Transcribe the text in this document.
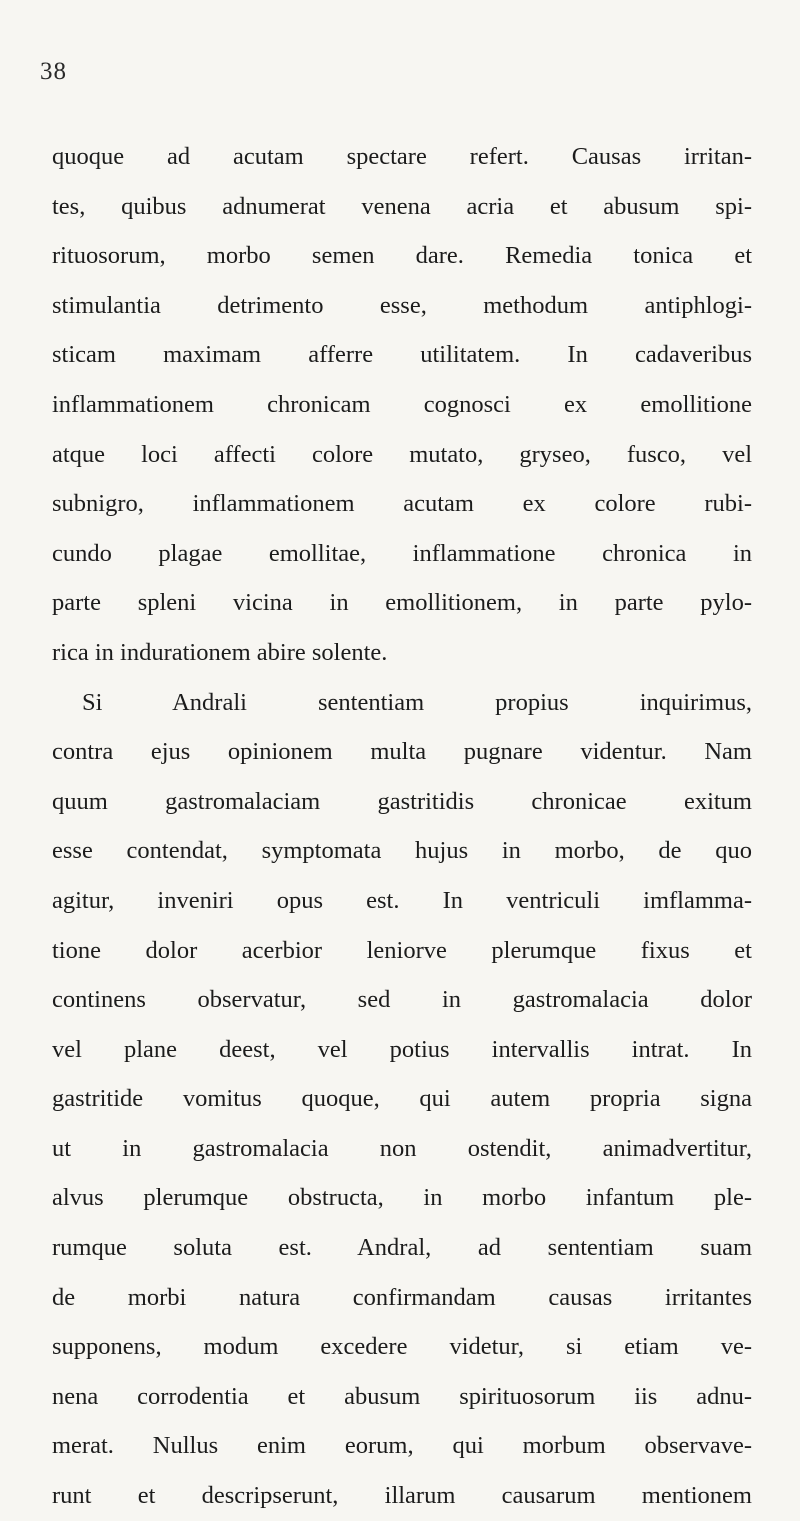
38
quoque ad acutam spectare refert. Causas irritan-
tes, quibus adnumerat venena acria et abusum spi-
rituosorum, morbo semen dare. Remedia tonica et
stimulantia detrimento esse, methodum antiphlogi-
sticam maximam afferre utilitatem. In cadaveribus
inflammationem chronicam cognosci ex emollitione
atque loci affecti colore mutato, gryseo, fusco, vel
subnigro, inflammationem acutam ex colore rubi-
cundo plagae emollitae, inflammatione chronica in
parte spleni vicina in emollitionem, in parte pylo-
rica in indurationem abire solente.
Si Andrali sententiam propius inquirimus,
contra ejus opinionem multa pugnare videntur. Nam
quum gastromalaciam gastritidis chronicae exitum
esse contendat, symptomata hujus in morbo, de quo
agitur, inveniri opus est. In ventriculi imflamma-
tione dolor acerbior leniorve plerumque fixus et
continens observatur, sed in gastromalacia dolor
vel plane deest, vel potius intervallis intrat. In
gastritide vomitus quoque, qui autem propria signa
ut in gastromalacia non ostendit, animadvertitur,
alvus plerumque obstructa, in morbo infantum ple-
rumque soluta est. Andral, ad sententiam suam
de morbi natura confirmandam causas irritantes
supponens, modum excedere videtur, si etiam ve-
nena corrodentia et abusum spirituosorum iis adnu-
merat. Nullus enim eorum, qui morbum observave-
runt et descripserunt, illarum causarum mentionem
